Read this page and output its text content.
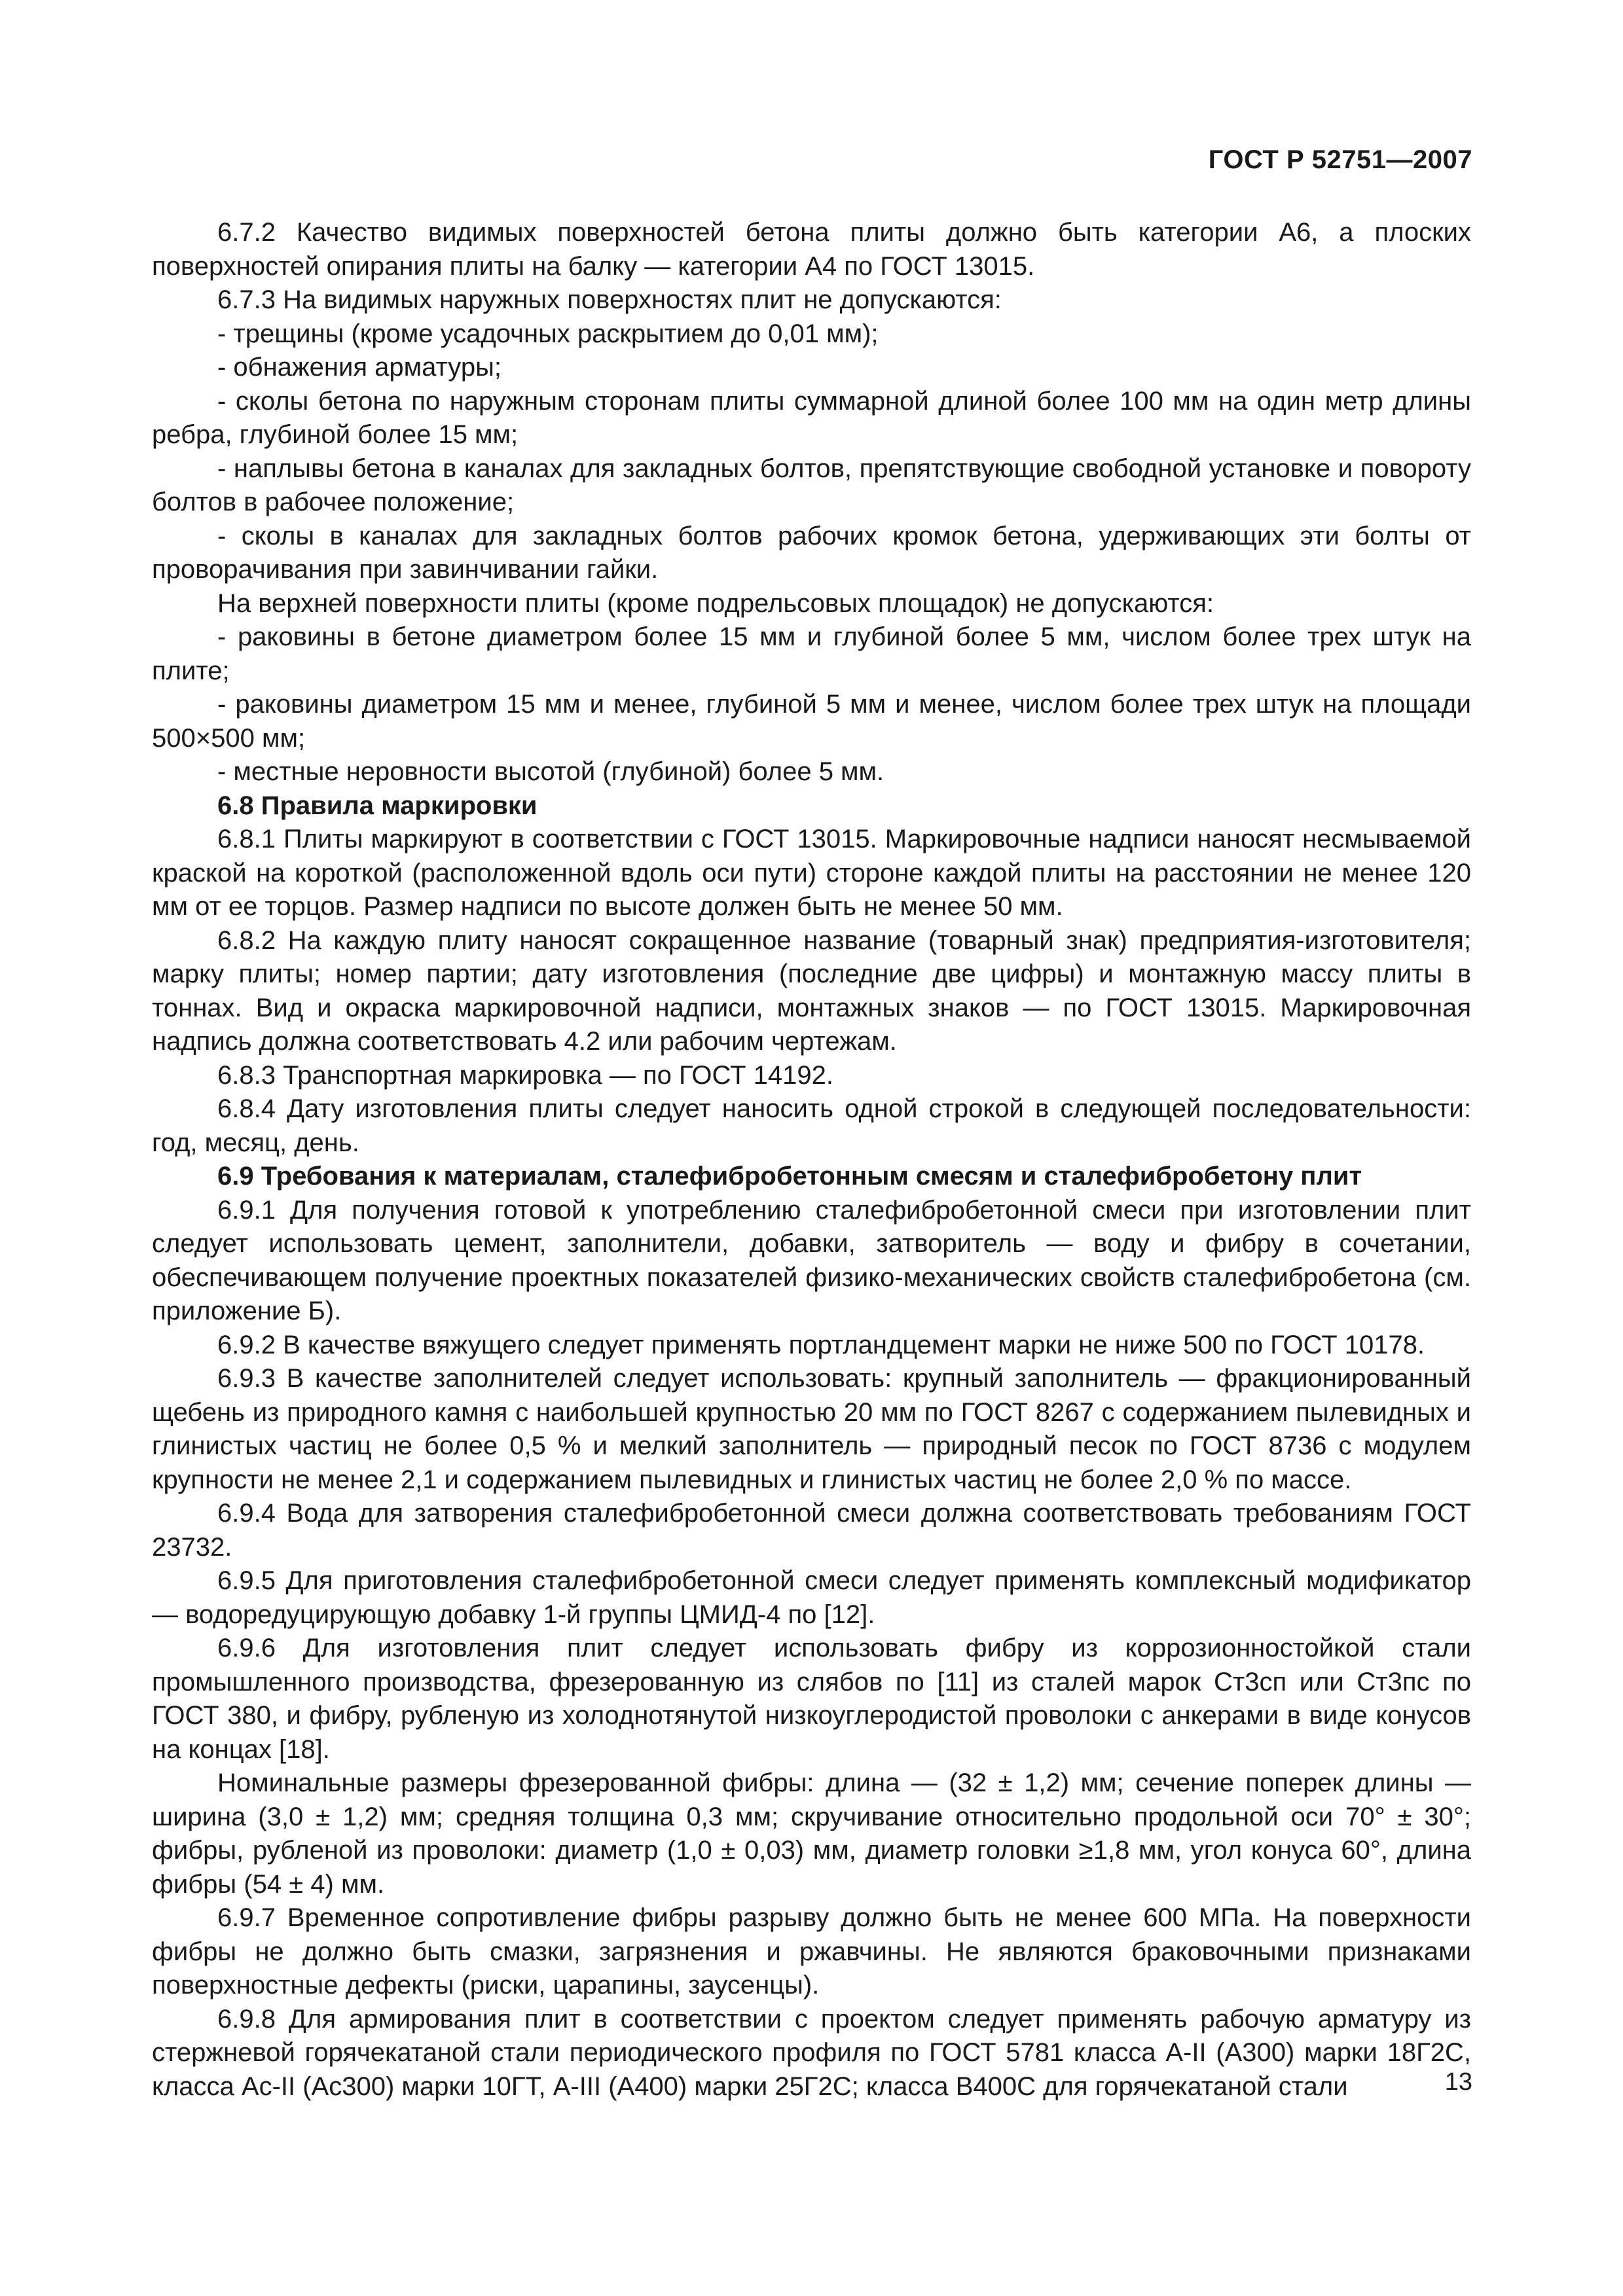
ГОСТ Р 52751—2007

6.7.2 Качество видимых поверхностей бетона плиты должно быть категории А6, а плоских поверхностей опирания плиты на балку — категории А4 по ГОСТ 13015.

6.7.3 На видимых наружных поверхностях плит не допускаются:

- трещины (кроме усадочных раскрытием до 0,01 мм);

- обнажения арматуры;

- сколы бетона по наружным сторонам плиты суммарной длиной более 100 мм на один метр длины ребра, глубиной более 15 мм;

- наплывы бетона в каналах для закладных болтов, препятствующие свободной установке и повороту болтов в рабочее положение;

- сколы в каналах для закладных болтов рабочих кромок бетона, удерживающих эти болты от проворачивания при завинчивании гайки.

На верхней поверхности плиты (кроме подрельсовых площадок) не допускаются:

- раковины в бетоне диаметром более 15 мм и глубиной более 5 мм, числом более трех штук на плите;

- раковины диаметром 15 мм и менее, глубиной 5 мм и менее, числом более трех штук на площади 500×500 мм;

- местные неровности высотой (глубиной) более 5 мм.

6.8 Правила маркировки

6.8.1 Плиты маркируют в соответствии с ГОСТ 13015. Маркировочные надписи наносят несмываемой краской на короткой (расположенной вдоль оси пути) стороне каждой плиты на расстоянии не менее 120 мм от ее торцов. Размер надписи по высоте должен быть не менее 50 мм.

6.8.2 На каждую плиту наносят сокращенное название (товарный знак) предприятия-изготовителя; марку плиты; номер партии; дату изготовления (последние две цифры) и монтажную массу плиты в тоннах. Вид и окраска маркировочной надписи, монтажных знаков — по ГОСТ 13015. Маркировочная надпись должна соответствовать 4.2 или рабочим чертежам.

6.8.3 Транспортная маркировка — по ГОСТ 14192.

6.8.4 Дату изготовления плиты следует наносить одной строкой в следующей последовательности: год, месяц, день.

6.9 Требования к материалам, сталефибробетонным смесям и сталефибробетону плит

6.9.1 Для получения готовой к употреблению сталефибробетонной смеси при изготовлении плит следует использовать цемент, заполнители, добавки, затворитель — воду и фибру в сочетании, обеспечивающем получение проектных показателей физико-механических свойств сталефибробетона (см. приложение Б).

6.9.2 В качестве вяжущего следует применять портландцемент марки не ниже 500 по ГОСТ 10178.

6.9.3 В качестве заполнителей следует использовать: крупный заполнитель — фракционированный щебень из природного камня с наибольшей крупностью 20 мм по ГОСТ 8267 с содержанием пылевидных и глинистых частиц не более 0,5 % и мелкий заполнитель — природный песок по ГОСТ 8736 с модулем крупности не менее 2,1 и содержанием пылевидных и глинистых частиц не более 2,0 % по массе.

6.9.4 Вода для затворения сталефибробетонной смеси должна соответствовать требованиям ГОСТ 23732.

6.9.5 Для приготовления сталефибробетонной смеси следует применять комплексный модификатор — водоредуцирующую добавку 1-й группы ЦМИД-4 по [12].

6.9.6 Для изготовления плит следует использовать фибру из коррозионностойкой стали промышленного производства, фрезерованную из слябов по [11] из сталей марок Ст3сп или Ст3пс по ГОСТ 380, и фибру, рубленую из холоднотянутой низкоуглеродистой проволоки с анкерами в виде конусов на концах [18].

Номинальные размеры фрезерованной фибры: длина — (32 ± 1,2) мм; сечение поперек длины — ширина (3,0 ± 1,2) мм; средняя толщина 0,3 мм; скручивание относительно продольной оси 70° ± 30°; фибры, рубленой из проволоки: диаметр (1,0 ± 0,03) мм, диаметр головки ≥1,8 мм, угол конуса 60°, длина фибры (54 ± 4) мм.

6.9.7 Временное сопротивление фибры разрыву должно быть не менее 600 МПа. На поверхности фибры не должно быть смазки, загрязнения и ржавчины. Не являются браковочными признаками поверхностные дефекты (риски, царапины, заусенцы).

6.9.8 Для армирования плит в соответствии с проектом следует применять рабочую арматуру из стержневой горячекатаной стали периодического профиля по ГОСТ 5781 класса А-II (А300) марки 18Г2С, класса Ас-II (Ас300) марки 10ГТ, А-III (А400) марки 25Г2С; класса В400С для горячекатаной стали	13
